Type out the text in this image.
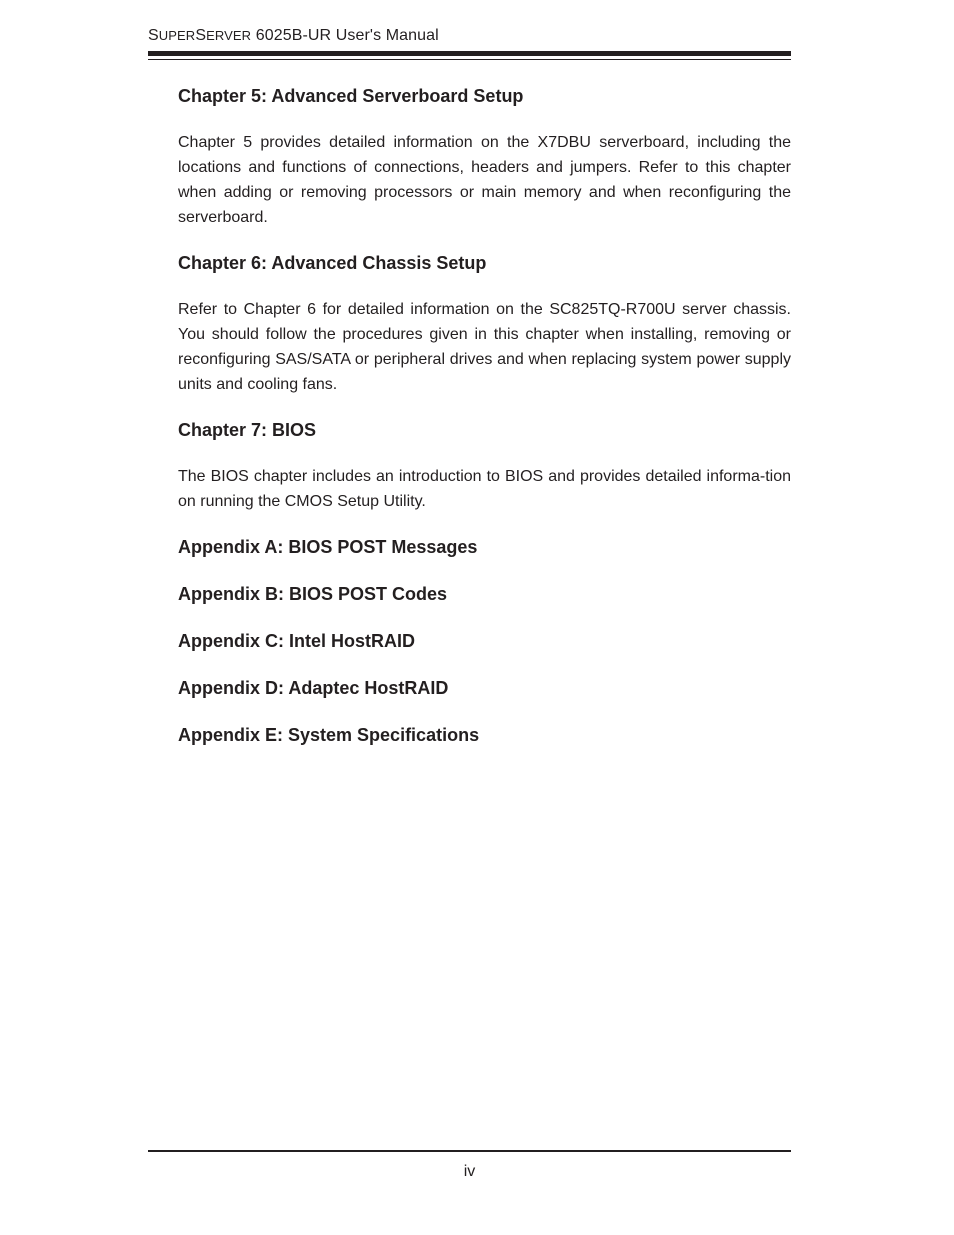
SUPERSERVER 6025B-UR User's Manual
Chapter 5: Advanced Serverboard Setup

Chapter 5 provides detailed information on the X7DBU serverboard, including the locations and functions of connections, headers and jumpers. Refer to this chapter when adding or removing processors or main memory and when reconfiguring the serverboard.

Chapter 6: Advanced Chassis Setup

Refer to Chapter 6 for detailed information on the SC825TQ-R700U server chassis. You should follow the procedures given in this chapter when installing, removing or reconfiguring SAS/SATA or peripheral drives and when replacing system power supply units and cooling fans.

Chapter 7: BIOS

The BIOS chapter includes an introduction to BIOS and provides detailed informa-tion on running the CMOS Setup Utility.

Appendix A: BIOS POST Messages
Appendix B: BIOS POST Codes
Appendix C: Intel HostRAID
Appendix D: Adaptec HostRAID
Appendix E: System Specifications
iv
